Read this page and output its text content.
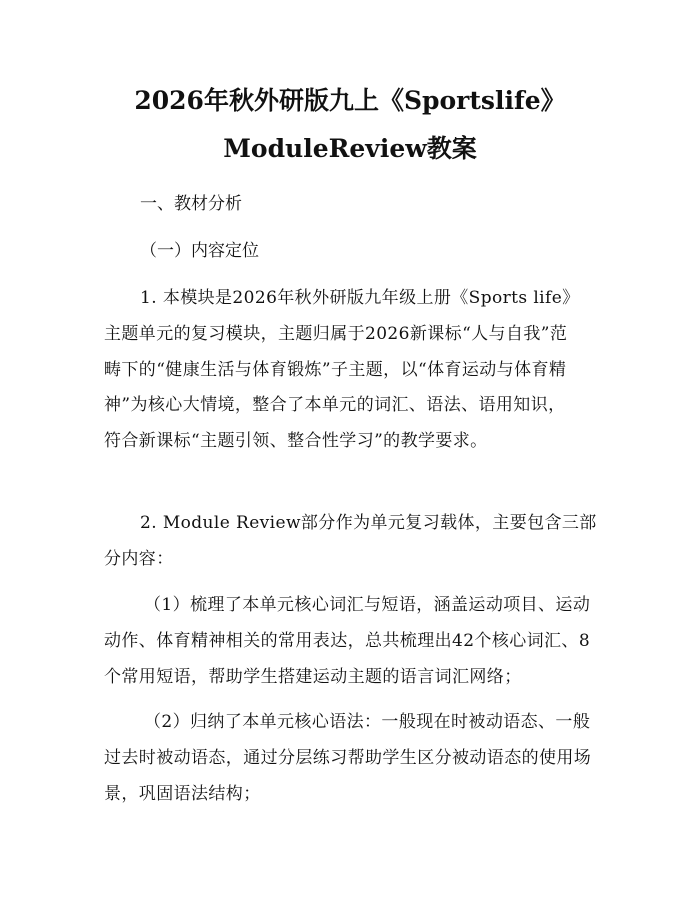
2026年秋外研版九上《Sportslife》
ModuleReview教案
一、教材分析
（一）内容定位
1. 本模块是2026年秋外研版九年级上册《Sports life》主题单元的复习模块，主题归属于2026新课标“人与自我”范畴下的“健康生活与体育锻炼”子主题，以“体育运动与体育精神”为核心大情境，整合了本单元的词汇、语法、语用知识，符合新课标“主题引领、整合性学习”的教学要求。
2. Module Review部分作为单元复习载体，主要包含三部分内容：
（1）梳理了本单元核心词汇与短语，涵盖运动项目、运动动作、体育精神相关的常用表达，总共梳理出42个核心词汇、8个常用短语，帮助学生搭建运动主题的语言词汇网络；
（2）归纳了本单元核心语法：一般现在时被动语态、一般过去时被动语态，通过分层练习帮助学生区分被动语态的使用场景，巩固语法结构；
